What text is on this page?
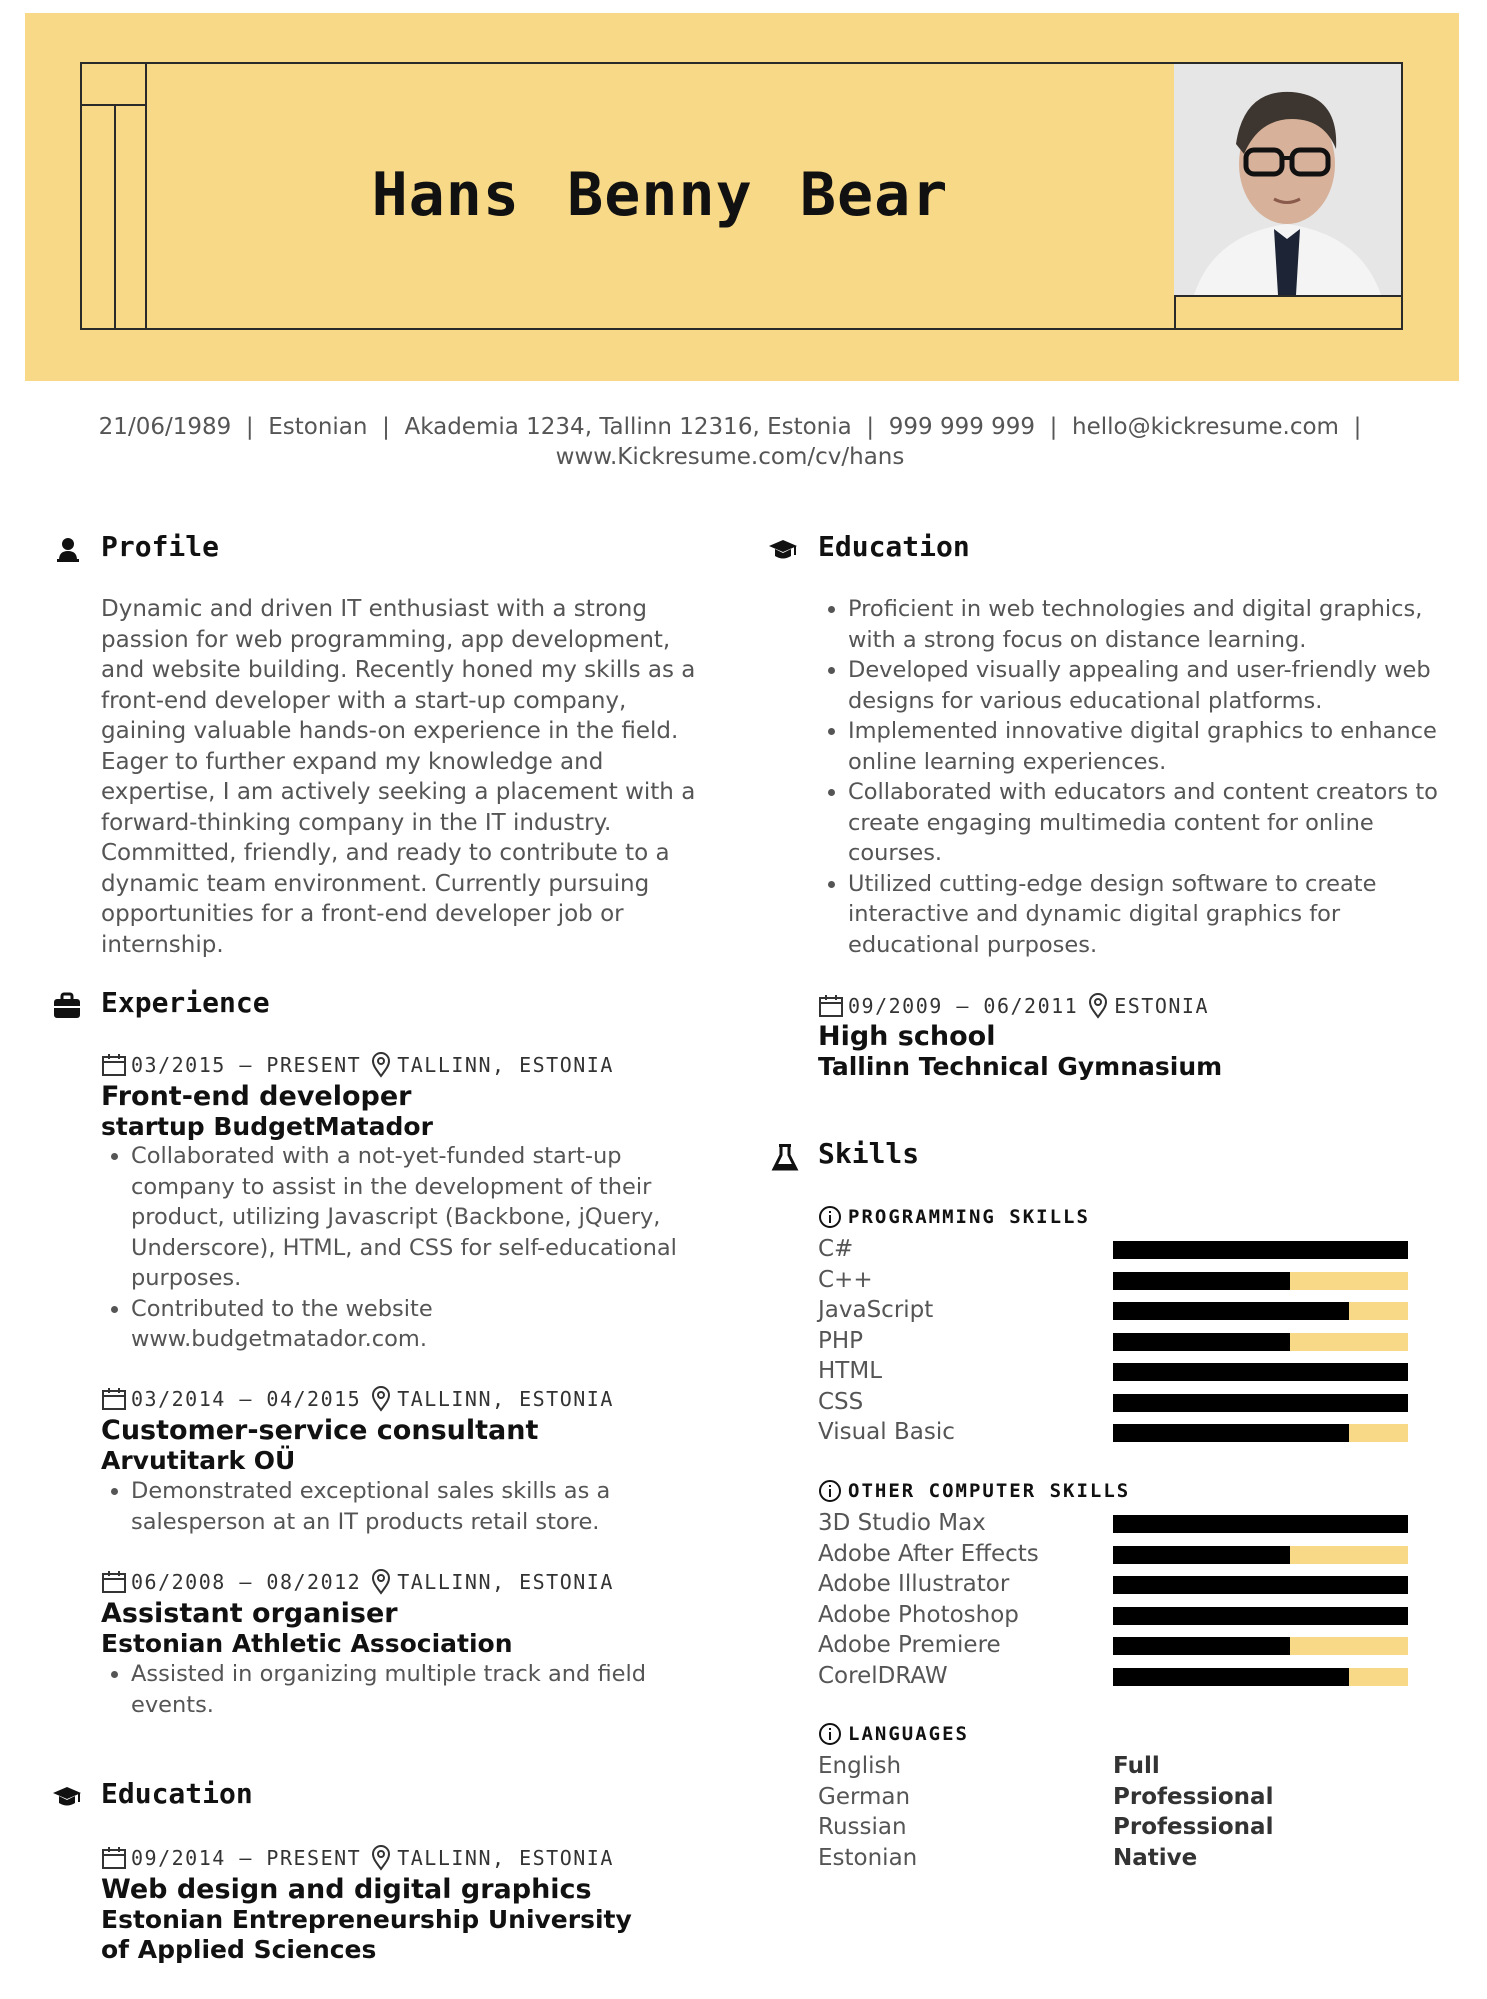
Hans Benny Bear
21/06/1989  |  Estonian  |  Akademia 1234, Tallinn 12316, Estonia  |  999 999 999  |  hello@kickresume.com  |
www.Kickresume.com/cv/hans
Profile
Dynamic and driven IT enthusiast with a strong passion for web programming, app development, and website building. Recently honed my skills as a front-end developer with a start-up company, gaining valuable hands-on experience in the field. Eager to further expand my knowledge and expertise, I am actively seeking a placement with a forward-thinking company in the IT industry. Committed, friendly, and ready to contribute to a dynamic team environment. Currently pursuing opportunities for a front-end developer job or internship.
Experience
03/2015 – PRESENT TALLINN, ESTONIA
Front-end developer
startup BudgetMatador
• Collaborated with a not-yet-funded start-up company to assist in the development of their product, utilizing Javascript (Backbone, jQuery, Underscore), HTML, and CSS for self-educational purposes.
• Contributed to the website www.budgetmatador.com.
03/2014 – 04/2015 TALLINN, ESTONIA
Customer-service consultant
Arvutitark OÜ
• Demonstrated exceptional sales skills as a salesperson at an IT products retail store.
06/2008 – 08/2012 TALLINN, ESTONIA
Assistant organiser
Estonian Athletic Association
• Assisted in organizing multiple track and field events.
Education
09/2014 – PRESENT TALLINN, ESTONIA
Web design and digital graphics
Estonian Entrepreneurship University of Applied Sciences
Education
• Proficient in web technologies and digital graphics, with a strong focus on distance learning.
• Developed visually appealing and user-friendly web designs for various educational platforms.
• Implemented innovative digital graphics to enhance online learning experiences.
• Collaborated with educators and content creators to create engaging multimedia content for online courses.
• Utilized cutting-edge design software to create interactive and dynamic digital graphics for educational purposes.
09/2009 – 06/2011 ESTONIA
High school
Tallinn Technical Gymnasium
Skills
PROGRAMMING SKILLS
C#
C++
JavaScript
PHP
HTML
CSS
Visual Basic
OTHER COMPUTER SKILLS
3D Studio Max
Adobe After Effects
Adobe Illustrator
Adobe Photoshop
Adobe Premiere
CorelDRAW
LANGUAGES
English	Full
German	Professional
Russian	Professional
Estonian	Native
